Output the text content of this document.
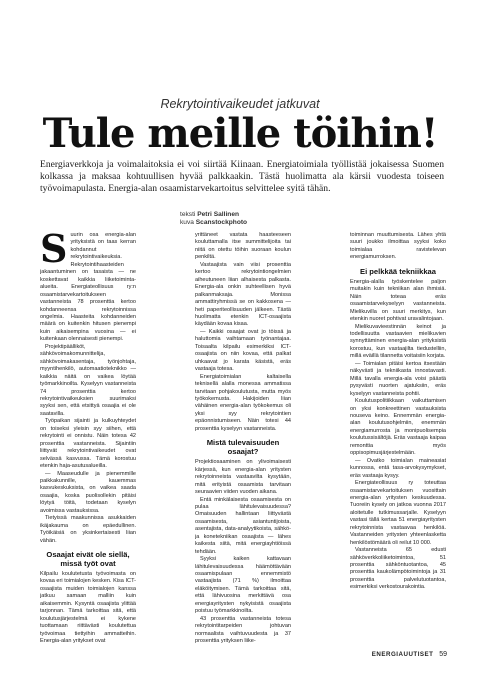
Rekrytointivaikeudet jatkuvat
Tule meille töihin!

Energiaverkkoja ja voimalaitoksia ei voi siirtää Kiinaan. Energiatoimiala työllistää jokaisessa Suomen kolkassa ja maksaa kohtuullisen hyvää palkkaakin. Tästä huolimatta ala kärsii vuodesta toiseen työvoimapulasta. Energia-alan osaamistarvekartoitus selvittelee syitä tähän.

teksti Petri Sallinen
kuva Scanstockphoto

Suurin osa energia-alan yrityksistä on taas kerran kohdannut rekrytointivaikeuksia. Rekrytointihaasteiden jakaantuminen on tasaista — ne koskettavat kaikkia liiketoiminta-alueita. Energiateollisuus ry:n osaamistarvekartoitukseen vastanneista 78 prosenttia kertoo kohdanneensa rekrytoinnissa ongelmia. Haasteita kohdanneiden määrä on kuitenkin hitusen pienempi kuin aikaisempina vuosina — ei kuitenkaan olennaisesti pienempi.

Projektipäälliköt, sähkövoimakomunnittelija, sähkövoimakasentaja, työnjohtaja, myyntihenkilö, automaatioteknikko — kaikkia näitä on vaikea löytää työmarkkinoilta. Kyselyyn vastanneista 74 prosenttia kertoo rekrytointivaikeuksien suurimaksi syyksi sen, että etsittyä osaajia ei ole saatavilla.

Työpaikan sijainti ja kulkuyhteydet on toiseksi yleisin syy siihen, että rekrytointi ei onnistu. Näin totesa 42 prosenttia vastanneista. Sijaintiin liittyvät rekrytointivaikeudet ovat selvässä kasvussa. Tämä korostuu etenkin haja-asutusalueilla.

— Maaseudulle ja pienemmille paikkakunnille, kauemmas kasvukeskuksista, on vaikea saada osaajia, koska puolisollekin pitäisi löytyä töitä, todetaan kyselyn avoimissa vastauksissa.

Tietyissä maakunnissa asukkaiden ikäjakauma on epäedullinen. Työikäisiä on yksinkertaisesti liian vähän.

Osaajat eivät ole siellä, missä työt ovat

Kilpailu koulutetusta työvoimasta on kovaa eri toimialojen kesken. Kisa ICT-osaajista muiden toimialojen kanssa jatkuu samaan malliin kuin aikaisemmin. Kysyntä osaajista ylittää tarjonnan. Tämä tarkoittaa sitä, että koulutusjärjestelmä ei kykene tuottamaan riittävästi koulutettua työvoimaa tiettyihin ammatteihin. Energia-alan yritykset ovat

yrittäneet vastata haasteeseen kouluttamalla itse summittelijoita tai niitä on otettu töihin suoraan koulun penkiltä.

Vastaajista vain viisi prosenttia kertoo rekrytointiongelmien aiheutuneen liian alhaisesta palkasta. Energia-ala onkin suhteellisen hyvä palkanmaksaja. Monissa ammattiryhmissä se on kakkosena — heti paperiteollisuuden jälkeen. Tästä huolimatta etenkin ICT-osaajista käydään kovaa kisaa.

— Kaikki osaajat ovat jo töissä ja haluttomia vaihtamaan työnantajaa. Toisaalta kilpailu esimerkiksi ICT-osaajista on niin kovaa, että palkat uhkaavat jo karata käsistä, eräs vastaaja totesa.

Energiatoimialan kaltaisella teknisellä alalla monessa ammatissa tarvitaan pohjakoulutusta, mutta myös työkokemusta. Hakijoiden liian vähäinen energia-alan työkokemus oli yksi syy rekrytointien epäonnistumiseen. Näin totesi 44 prosenttia kyselyyn vastanneista.

Mistä tulevaisuuden osaajat?

Projektiosaaminen on ylivoimaisesti kärjessä, kun energia-alan yritysten rekrytoinneista vastaavilta kysytään, mitä erityistä osaamista tarvitaan seuraavien viiden vuoden aikana.

Entä minkälaisesta osaamisesta on pulaa lähitulevaisuudessa? Omaisuuden hallintaan liittyvästä osaamisesta, asiantuntijoista, asentajista, data-analyytikoista, sähkö- ja konetekniikan osaajista — lähes kaikesta siitä, mitä energiayhtiöissä tehdään.

Syyksi kaiken kattavaan lähitulevaisuudessa häämöttävään osaamispulaan ennemmistö vastaajista (71 %) ilmoittaa eläköitymisen. Tämä tarkoittaa sitä, että lähivuosina merkittävä osa energiayritysten nykyisistä osaajista poistuu työmarkkinoilta.

43 prosenttia vastanneista totesa rekrytointitarpeiden johtuvan normaalista vaihtuvuudesta ja 37 prosenttia yrityksen liike-

toiminnan muuttumisesta. Lähes yhtä suuri joukko ilmoittaa syyksi koko toimialaa ravistelevan energiamurroksen.

Ei pelkkää tekniikkaa

Energia-alalla työskentelee paljon muitakin kuin tekniikan alan ihmisiä. Näin toteaa eräs osaamistarvekyselyyn vastanneista. Mielikuvilla on suuri merkitys, kun etenkin nuoret pohtivat uravalintojaan.

Mielikuvavieestinnän keinot ja todellisuutta vastaavien mielikuvien synnyttäminen energia-alan yrityksistä korostuu, kun vastaajilta tiedustelliin, millä eväillä tilannetta voitaisiin korjata.

— Toimialan pitäisi kertoa itsestään näkyvästi ja tekniikasta innostavasti. Millä tavalla energia-ala voisi päästä pysyvästi nuorten ajatuksiin, eräs kyselyyn vastanneista pohtii.

Koulutuspolitiikkaan vaikuttamisen on yksi konkreettinen vastauksista nouseva keino. Ennemmän energia-alan koulutusohjelmiin, enemmän energiamurrosta ja monipuolisempia koulutussisältöjä. Eräs vastaaja kaipaa remonttia myös oppisopimusjärjestelmään.

— Ovatko toimialan maineasiat kunnossa, entä tasa-arvokysymykset, eräs vastaaja kysyy.

Energiateollisuus ry toteuttaa osaamistarvekartoituksen vuosittain energia-alan yritysten keskuudessa. Tuoreiin kysely on jatkoa vuonna 2017 aloitetulle tutkimussarjalle. Kyselyyn vastasi tällä kertaa 51 energiayritysten rekrytoinnista vastaavaa henkilöä. Vastanneiden yritysten yhteenlasketta henkilöstömäärä oli reilut 10 000.

Vastanneista 65 edusti sähköverkkoliiketoimintoa, 51 prosenttia sähköntuotantoa, 45 prosenttia kaukolämpötoimintoja ja 31 prosenttia palvelutuotantoa, esimerkiksi verkostourakointia.

ENERGIAUUTISET 59
